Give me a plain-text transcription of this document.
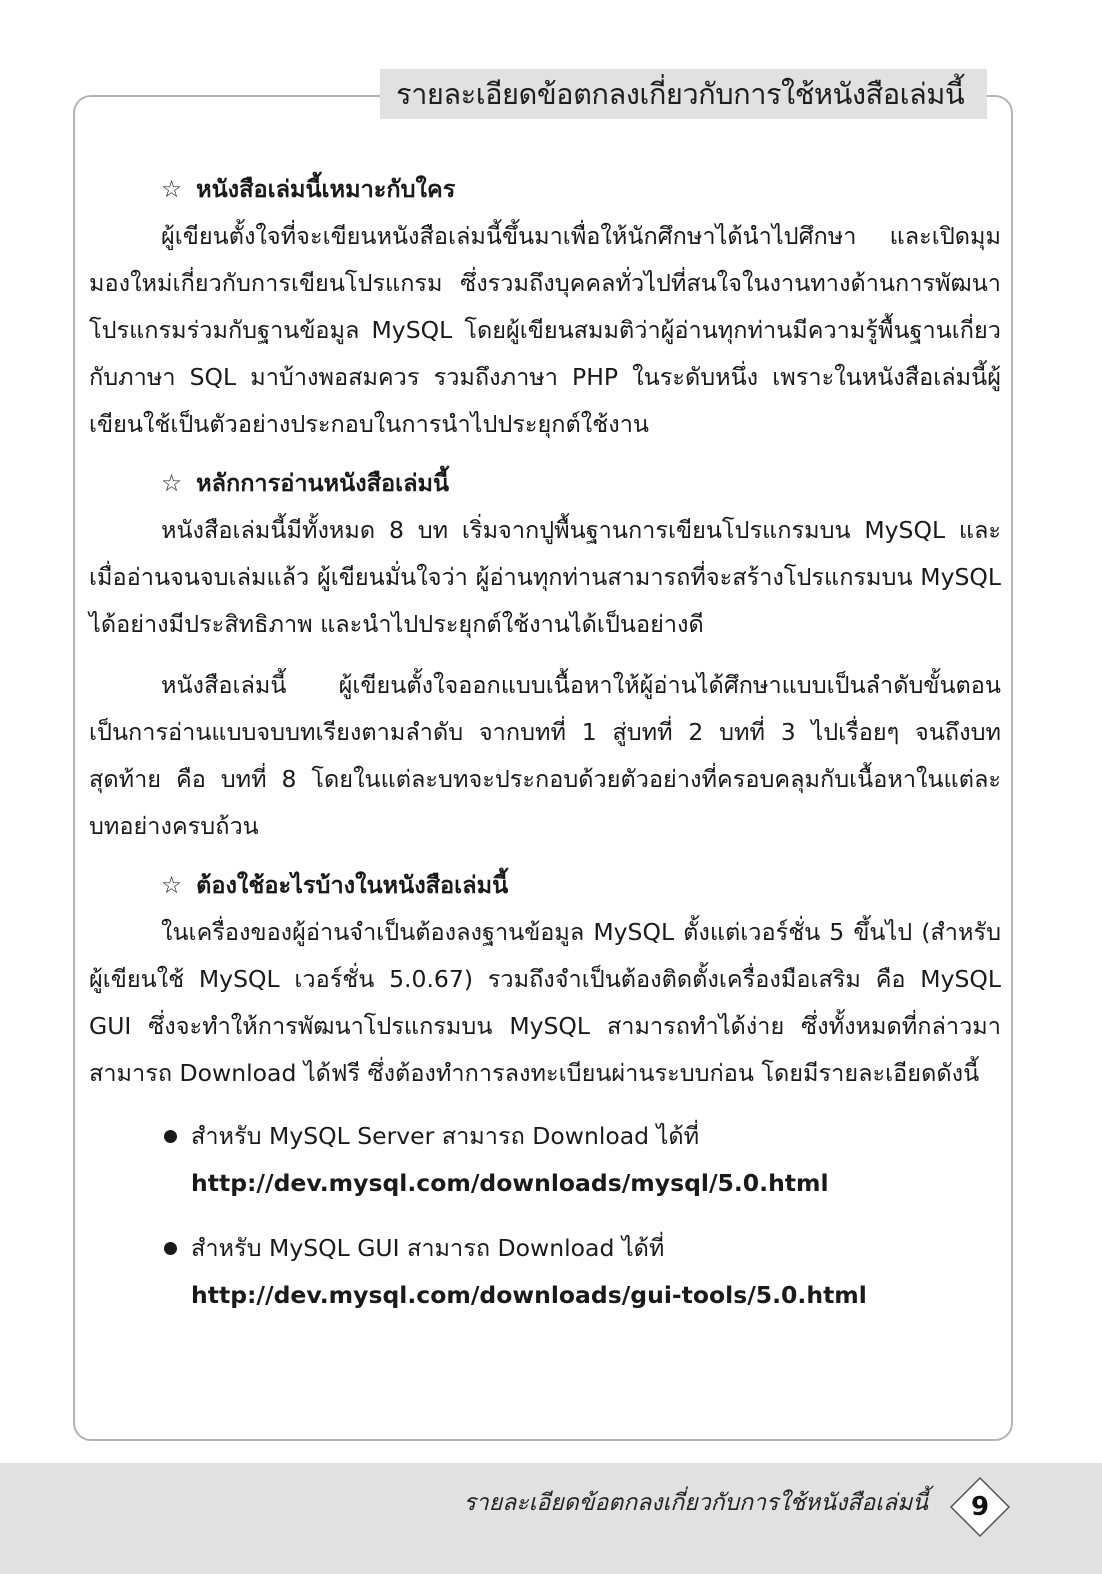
รายละเอียดข้อตกลงเกี่ยวกับการใช้หนังสือเล่มนี้

☆ หนังสือเล่มนี้เหมาะกับใคร

ผู้เขียนตั้งใจที่จะเขียนหนังสือเล่มนี้ขึ้นมาเพื่อให้นักศึกษาได้นำไปศึกษา และเปิดมุมมองใหม่เกี่ยวกับการเขียนโปรแกรม ซึ่งรวมถึงบุคคลทั่วไปที่สนใจในงานทางด้านการพัฒนาโปรแกรมร่วมกับฐานข้อมูล MySQL โดยผู้เขียนสมมติว่าผู้อ่านทุกท่านมีความรู้พื้นฐานเกี่ยวกับภาษา SQL มาบ้างพอสมควร รวมถึงภาษา PHP ในระดับหนึ่ง เพราะในหนังสือเล่มนี้ผู้เขียนใช้เป็นตัวอย่างประกอบในการนำไปประยุกต์ใช้งาน

☆ หลักการอ่านหนังสือเล่มนี้

หนังสือเล่มนี้มีทั้งหมด 8 บท เริ่มจากปูพื้นฐานการเขียนโปรแกรมบน MySQL และเมื่ออ่านจนจบเล่มแล้ว ผู้เขียนมั่นใจว่า ผู้อ่านทุกท่านสามารถที่จะสร้างโปรแกรมบน MySQL ได้อย่างมีประสิทธิภาพ และนำไปประยุกต์ใช้งานได้เป็นอย่างดี

หนังสือเล่มนี้ ผู้เขียนตั้งใจออกแบบเนื้อหาให้ผู้อ่านได้ศึกษาแบบเป็นลำดับขั้นตอน เป็นการอ่านแบบจบบทเรียงตามลำดับ จากบทที่ 1 สู่บทที่ 2 บทที่ 3 ไปเรื่อยๆ จนถึงบทสุดท้าย คือ บทที่ 8 โดยในแต่ละบทจะประกอบด้วยตัวอย่างที่ครอบคลุมกับเนื้อหาในแต่ละบทอย่างครบถ้วน

☆ ต้องใช้อะไรบ้างในหนังสือเล่มนี้

ในเครื่องของผู้อ่านจำเป็นต้องลงฐานข้อมูล MySQL ตั้งแต่เวอร์ชั่น 5 ขึ้นไป (สำหรับผู้เขียนใช้ MySQL เวอร์ชั่น 5.0.67) รวมถึงจำเป็นต้องติดตั้งเครื่องมือเสริม คือ MySQL GUI ซึ่งจะทำให้การพัฒนาโปรแกรมบน MySQL สามารถทำได้ง่าย ซึ่งทั้งหมดที่กล่าวมาสามารถ Download ได้ฟรี ซึ่งต้องทำการลงทะเบียนผ่านระบบก่อน โดยมีรายละเอียดดังนี้

สำหรับ MySQL Server สามารถ Download ได้ที่
http://dev.mysql.com/downloads/mysql/5.0.html
สำหรับ MySQL GUI สามารถ Download ได้ที่
http://dev.mysql.com/downloads/gui-tools/5.0.html
รายละเอียดข้อตกลงเกี่ยวกับการใช้หนังสือเล่มนี้	9
